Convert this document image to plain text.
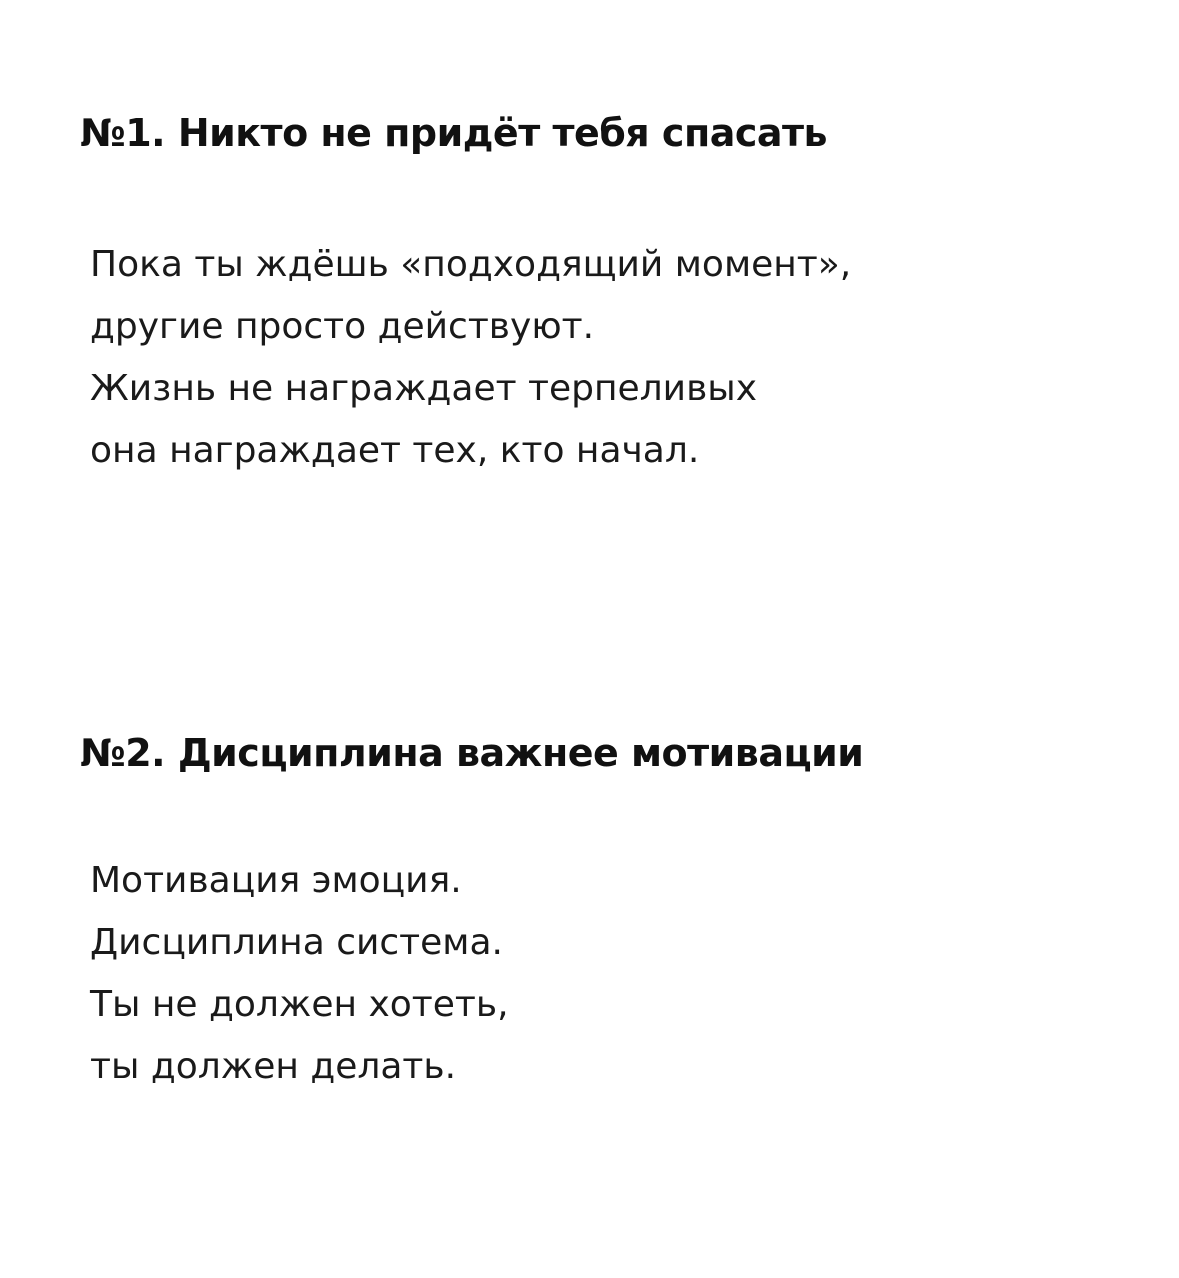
№1. Никто не придёт тебя спасать
Пока ты ждёшь «подходящий момент»,
другие просто действуют.
Жизнь не награждает терпеливых
она награждает тех, кто начал.
№2. Дисциплина важнее мотивации
Мотивация эмоция.
Дисциплина система.
Ты не должен хотеть,
ты должен делать.
